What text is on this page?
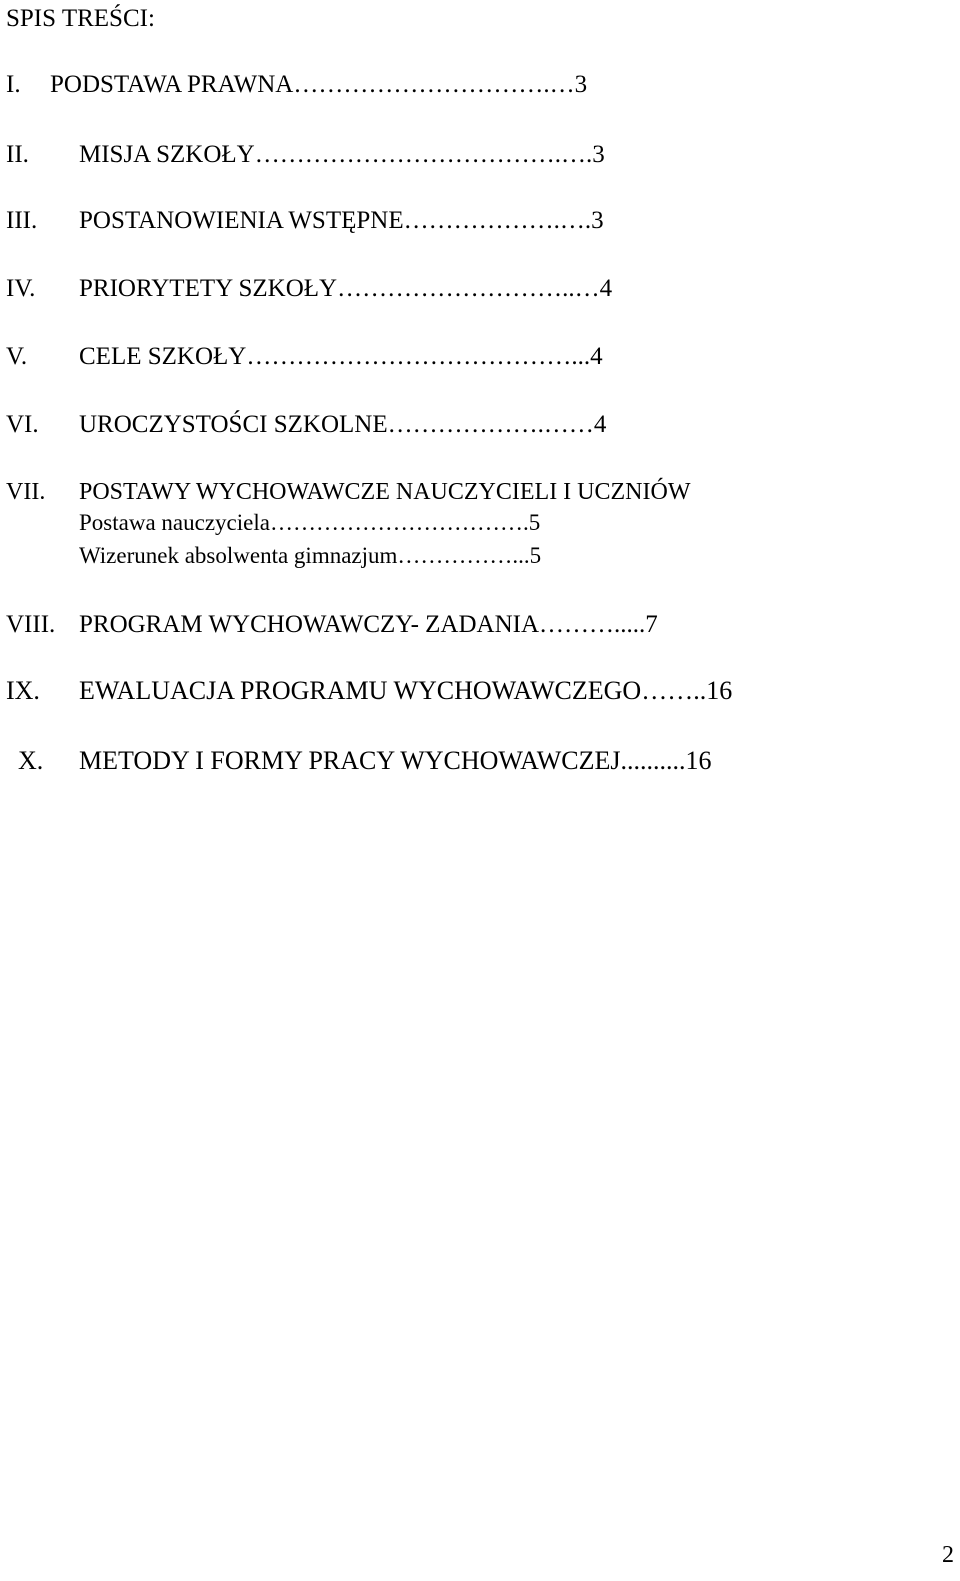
SPIS TREŚCI:

I.

PODSTAWA PRAWNA………………………….…3

II.

MISJA SZKOŁY……………………………….….3

III.

POSTANOWIENIA WSTĘPNE……………….….3

IV.

PRIORYTETY SZKOŁY………………………..…4

V.

CELE SZKOŁY…………………………………...4

VI.

UROCZYSTOŚCI SZKOLNE……………….……4

VII.

POSTAWY WYCHOWAWCZE NAUCZYCIELI I UCZNIÓW

Postawa nauczyciela…………………………….5
Wizerunek absolwenta gimnazjum……………...5

VIII.

PROGRAM WYCHOWAWCZY- ZADANIA……….....7

IX.

EWALUACJA PROGRAMU WYCHOWAWCZEGO……..16

X.

METODY I FORMY PRACY WYCHOWAWCZEJ..........16

2
